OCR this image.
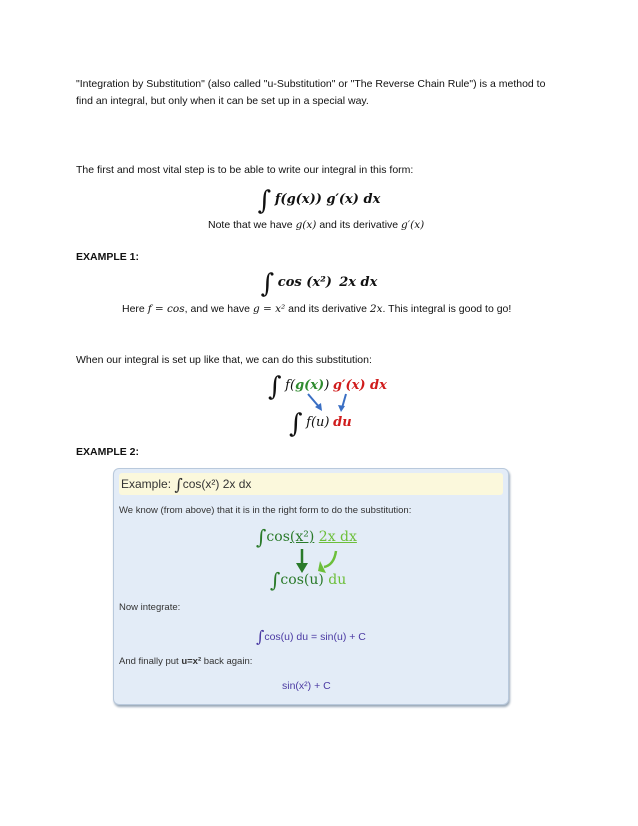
"Integration by Substitution" (also called "u-Substitution" or "The Reverse Chain Rule") is a method to find an integral, but only when it can be set up in a special way.
The first and most vital step is to be able to write our integral in this form:
∫ f(g(x)) g′(x) dx
Note that we have g(x) and its derivative g′(x)
EXAMPLE 1:
∫ cos (x²) 2x dx
Here f = cos, and we have g = x² and its derivative 2x. This integral is good to go!
When our integral is set up like that, we can do this substitution:
∫ f(g(x)) g′(x) dx
∫ f(u) du
EXAMPLE 2:
Example: ∫cos(x²) 2x dx
We know (from above) that it is in the right form to do the substitution:
∫cos(x²) 2x dx
∫cos(u) du
Now integrate:
∫cos(u) du = sin(u) + C
And finally put u=x² back again:
sin(x²) + C
